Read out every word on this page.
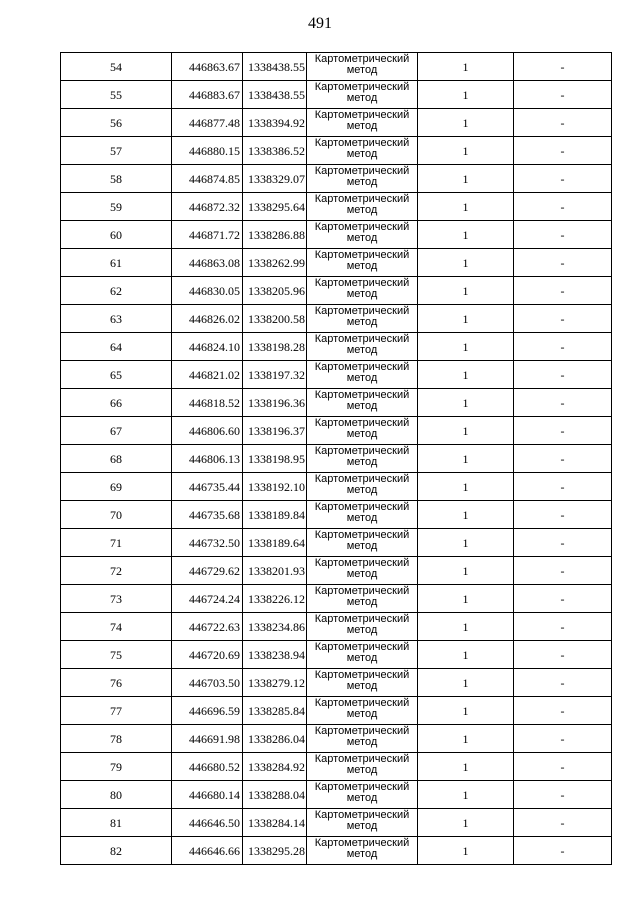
491
54	446863.67	1338438.55	Картометрический
метод	1	-
55	446883.67	1338438.55	Картометрический
метод	1	-
56	446877.48	1338394.92	Картометрический
метод	1	-
57	446880.15	1338386.52	Картометрический
метод	1	-
58	446874.85	1338329.07	Картометрический
метод	1	-
59	446872.32	1338295.64	Картометрический
метод	1	-
60	446871.72	1338286.88	Картометрический
метод	1	-
61	446863.08	1338262.99	Картометрический
метод	1	-
62	446830.05	1338205.96	Картометрический
метод	1	-
63	446826.02	1338200.58	Картометрический
метод	1	-
64	446824.10	1338198.28	Картометрический
метод	1	-
65	446821.02	1338197.32	Картометрический
метод	1	-
66	446818.52	1338196.36	Картометрический
метод	1	-
67	446806.60	1338196.37	Картометрический
метод	1	-
68	446806.13	1338198.95	Картометрический
метод	1	-
69	446735.44	1338192.10	Картометрический
метод	1	-
70	446735.68	1338189.84	Картометрический
метод	1	-
71	446732.50	1338189.64	Картометрический
метод	1	-
72	446729.62	1338201.93	Картометрический
метод	1	-
73	446724.24	1338226.12	Картометрический
метод	1	-
74	446722.63	1338234.86	Картометрический
метод	1	-
75	446720.69	1338238.94	Картометрический
метод	1	-
76	446703.50	1338279.12	Картометрический
метод	1	-
77	446696.59	1338285.84	Картометрический
метод	1	-
78	446691.98	1338286.04	Картометрический
метод	1	-
79	446680.52	1338284.92	Картометрический
метод	1	-
80	446680.14	1338288.04	Картометрический
метод	1	-
81	446646.50	1338284.14	Картометрический
метод	1	-
82	446646.66	1338295.28	Картометрический
метод	1	-
